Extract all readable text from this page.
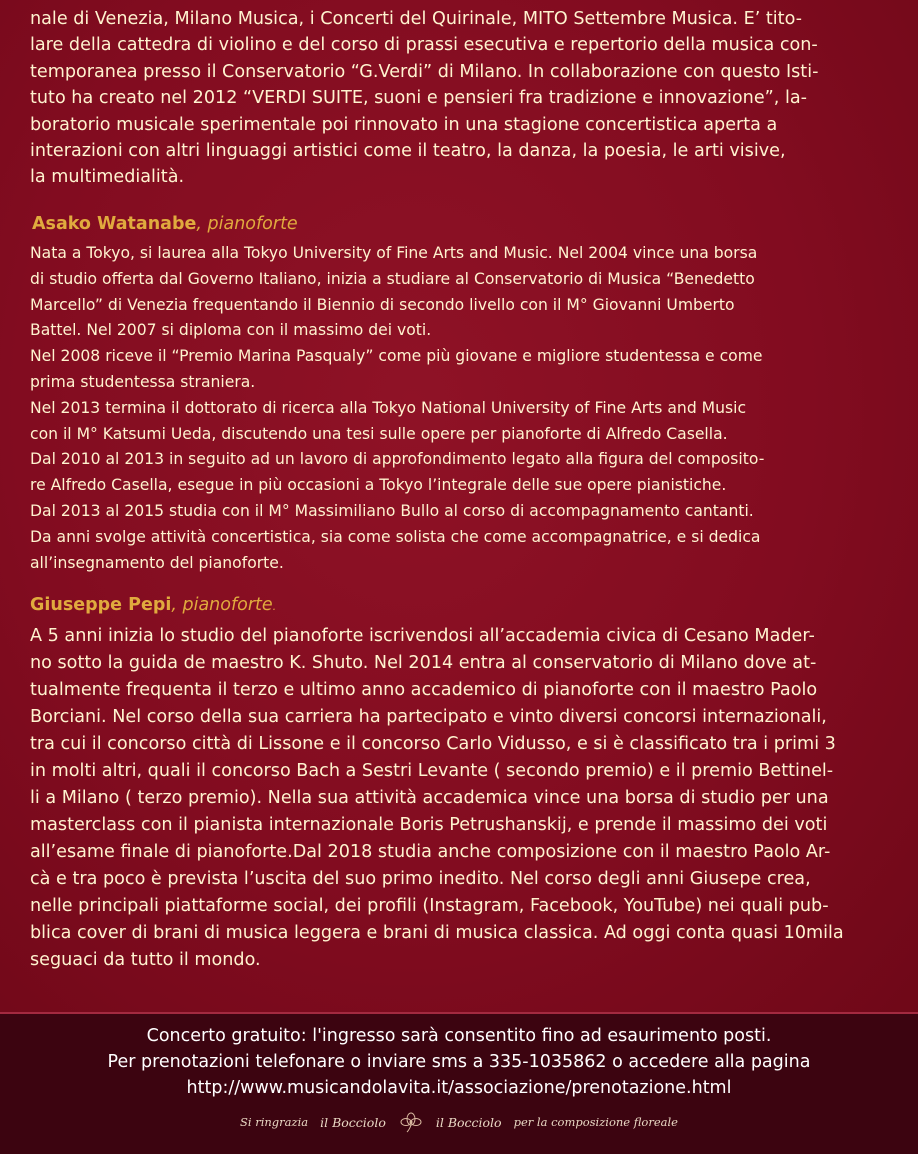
nale di Venezia, Milano Musica, i Concerti del Quirinale, MITO Settembre Musica. E’ tito-
lare della cattedra di violino e del corso di prassi esecutiva e repertorio della musica con-
temporanea presso il Conservatorio “G.Verdi” di Milano. In collaborazione con questo Isti-
tuto ha creato nel 2012 “VERDI SUITE, suoni e pensieri fra tradizione e innovazione”, la-
boratorio musicale sperimentale poi rinnovato in una stagione concertistica aperta a
interazioni con altri linguaggi artistici come il teatro, la danza, la poesia, le arti visive,
la multimedialità.
Asako Watanabe, pianoforte
Nata a Tokyo, si laurea alla Tokyo University of Fine Arts and Music. Nel 2004 vince una borsa
di studio offerta dal Governo Italiano, inizia a studiare al Conservatorio di Musica “Benedetto
Marcello” di Venezia frequentando il Biennio di secondo livello con il M° Giovanni Umberto
Battel. Nel 2007 si diploma con il massimo dei voti.
Nel 2008 riceve il “Premio Marina Pasqualy” come più giovane e migliore studentessa e come
prima studentessa straniera.
Nel 2013 termina il dottorato di ricerca alla Tokyo National University of Fine Arts and Music
con il M° Katsumi Ueda, discutendo una tesi sulle opere per pianoforte di Alfredo Casella.
Dal 2010 al 2013 in seguito ad un lavoro di approfondimento legato alla figura del composito-
re Alfredo Casella, esegue in più occasioni a Tokyo l’integrale delle sue opere pianistiche.
Dal 2013 al 2015 studia con il M° Massimiliano Bullo al corso di accompagnamento cantanti.
Da anni svolge attività concertistica, sia come solista che come accompagnatrice, e si dedica
all’insegnamento del pianoforte.
Giuseppe Pepi, pianoforte.
A 5 anni inizia lo studio del pianoforte iscrivendosi all’accademia civica di Cesano Mader-
no sotto la guida de maestro K. Shuto. Nel 2014 entra al conservatorio di Milano dove at-
tualmente frequenta il terzo e ultimo anno accademico di pianoforte con il maestro Paolo
Borciani. Nel corso della sua carriera ha partecipato e vinto diversi concorsi internazionali,
tra cui il concorso città di Lissone e il concorso Carlo Vidusso, e si è classificato tra i primi 3
in molti altri, quali il concorso Bach a Sestri Levante ( secondo premio) e il premio Bettinel-
li a Milano ( terzo premio). Nella sua attività accademica vince una borsa di studio per una
masterclass con il pianista internazionale Boris Petrushanskij, e prende il massimo dei voti
all’esame finale di pianoforte.Dal 2018 studia anche composizione con il maestro Paolo Ar-
cà e tra poco è prevista l’uscita del suo primo inedito. Nel corso degli anni Giusepe crea,
nelle principali piattaforme social, dei profili (Instagram, Facebook, YouTube) nei quali pub-
blica cover di brani di musica leggera e brani di musica classica. Ad oggi conta quasi 10mila
seguaci da tutto il mondo.
Concerto gratuito: l'ingresso sarà consentito fino ad esaurimento posti.
Per prenotazioni telefonare o inviare sms a 335-1035862 o accedere alla pagina
http://www.musicandolavita.it/associazione/prenotazione.html
Si ringrazia il Bocciolo	il Bocciolo per la composizione floreale
